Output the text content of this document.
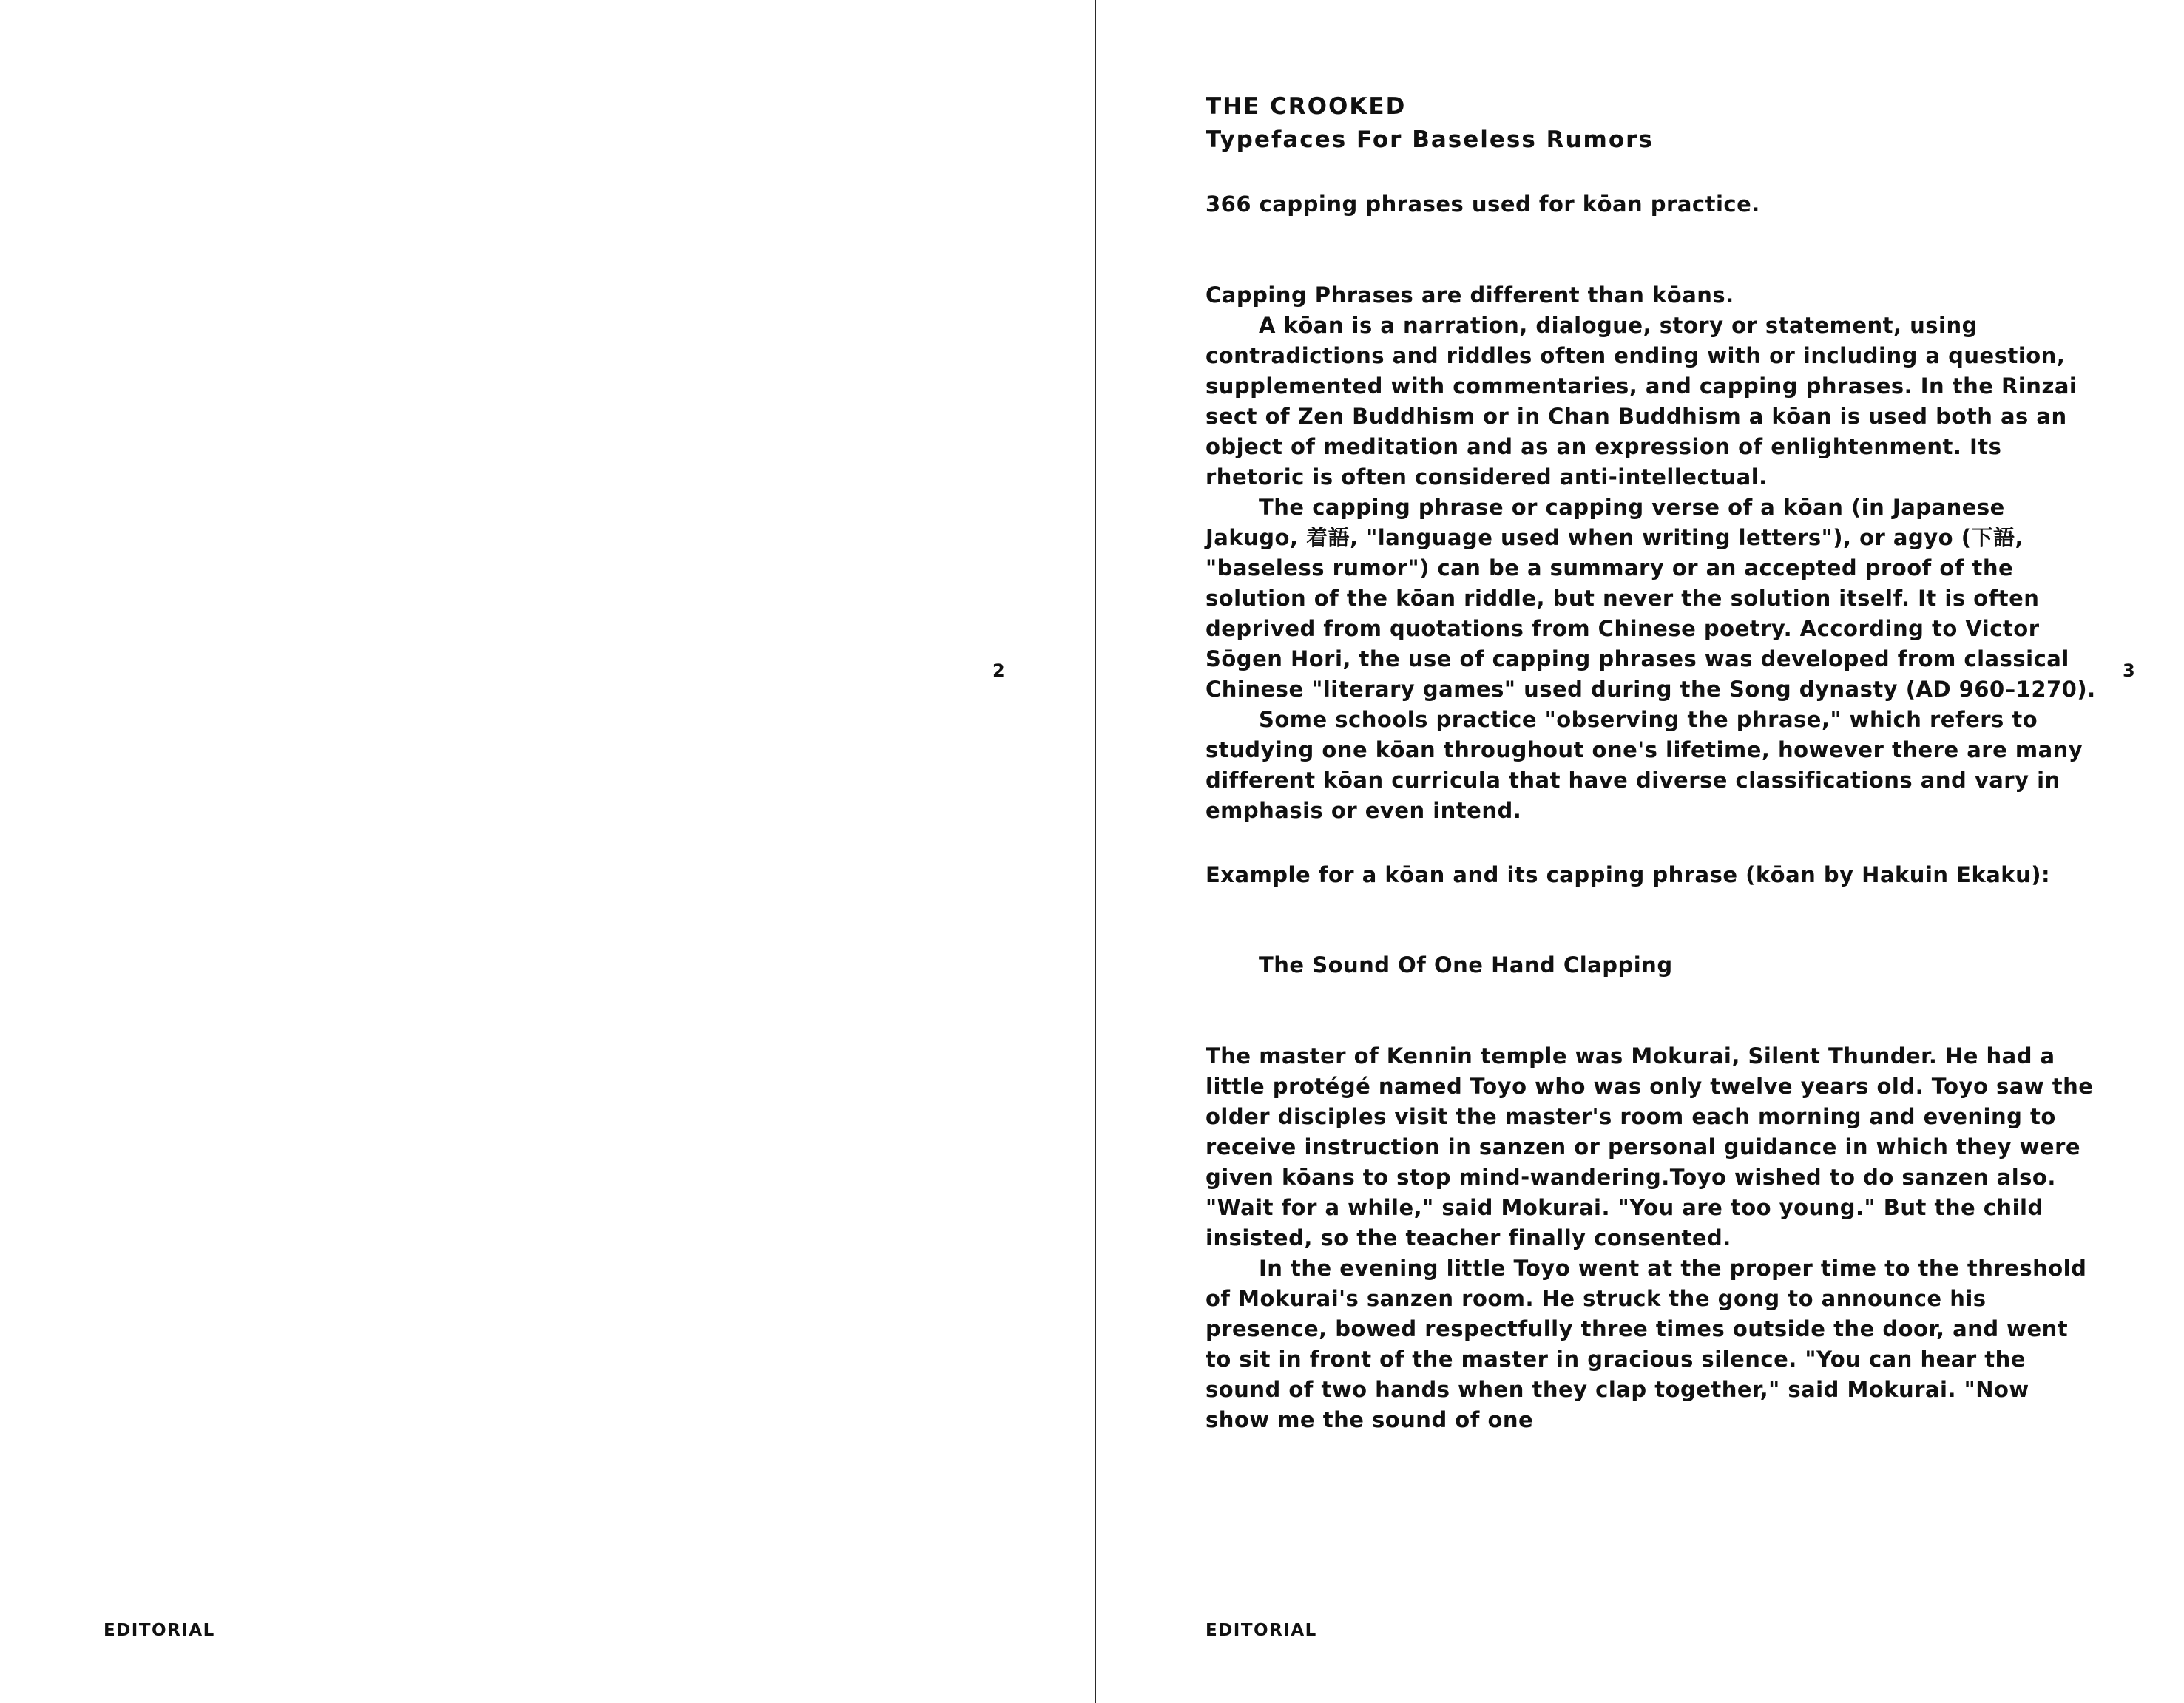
2
EDITORIAL
THE CROOKED
Typefaces For Baseless Rumors
366 capping phrases used for kōan practice.

Capping Phrases are different than kōans.

A kōan is a narration, dialogue, story or statement, using contradictions and riddles often ending with or including a question, supplemented with commentaries, and capping phrases. In the Rinzai sect of Zen Buddhism or in Chan Buddhism a kōan is used both as an object of meditation and as an expression of enlightenment. Its rhetoric is often considered anti-intellectual.

The capping phrase or capping verse of a kōan (in Japanese Jakugo, 着語, "language used when writing letters"), or agyo (下語, "baseless rumor") can be a summary or an accepted proof of the solution of the kōan riddle, but never the solution itself. It is often deprived from quotations from Chinese poetry. According to Victor Sōgen Hori, the use of capping phrases was developed from classical Chinese "literary games" used during the Song dynasty (AD 960–1270).

Some schools practice "observing the phrase," which refers to studying one kōan throughout one's lifetime, however there are many different kōan curricula that have diverse classifications and vary in emphasis or even intend.

Example for a kōan and its capping phrase (kōan by Hakuin Ekaku):
The Sound Of One Hand Clapping

The master of Kennin temple was Mokurai, Silent Thunder. He had a little protégé named Toyo who was only twelve years old. Toyo saw the older disciples visit the master's room each morning and evening to receive instruction in sanzen or personal guidance in which they were given kōans to stop mind-wandering.Toyo wished to do sanzen also. "Wait for a while," said Mokurai. "You are too young." But the child insisted, so the teacher finally consented.

In the evening little Toyo went at the proper time to the threshold of Mokurai's sanzen room. He struck the gong to announce his presence, bowed respectfully three times outside the door, and went to sit in front of the master in gracious silence. "You can hear the sound of two hands when they clap together," said Mokurai. "Now show me the sound of one

3
EDITORIAL
